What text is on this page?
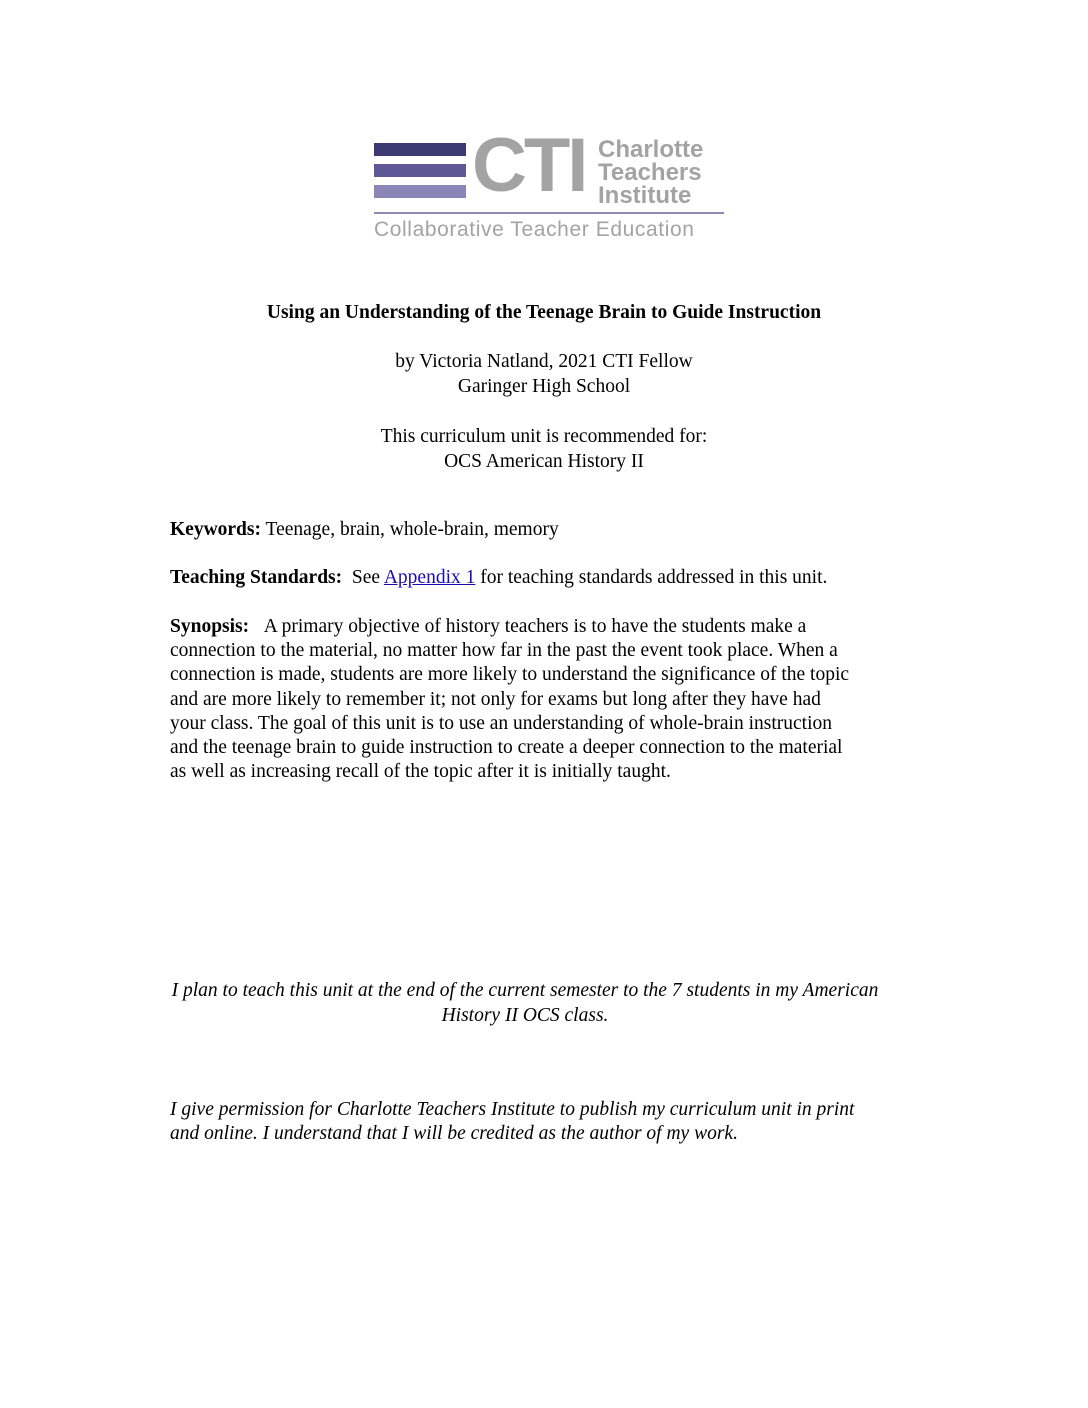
CTI Charlotte
Teachers
Institute
Collaborative Teacher Education
Using an Understanding of the Teenage Brain to Guide Instruction
by Victoria Natland, 2021 CTI Fellow
Garinger High School
This curriculum unit is recommended for:
OCS American History II
Keywords: Teenage, brain, whole-brain, memory
Teaching Standards: See Appendix 1 for teaching standards addressed in this unit.
Synopsis: A primary objective of history teachers is to have the students make a
connection to the material, no matter how far in the past the event took place. When a
connection is made, students are more likely to understand the significance of the topic
and are more likely to remember it; not only for exams but long after they have had
your class. The goal of this unit is to use an understanding of whole-brain instruction
and the teenage brain to guide instruction to create a deeper connection to the material
as well as increasing recall of the topic after it is initially taught.
I plan to teach this unit at the end of the current semester to the 7 students in my American
History II OCS class.
I give permission for Charlotte Teachers Institute to publish my curriculum unit in print
and online. I understand that I will be credited as the author of my work.
